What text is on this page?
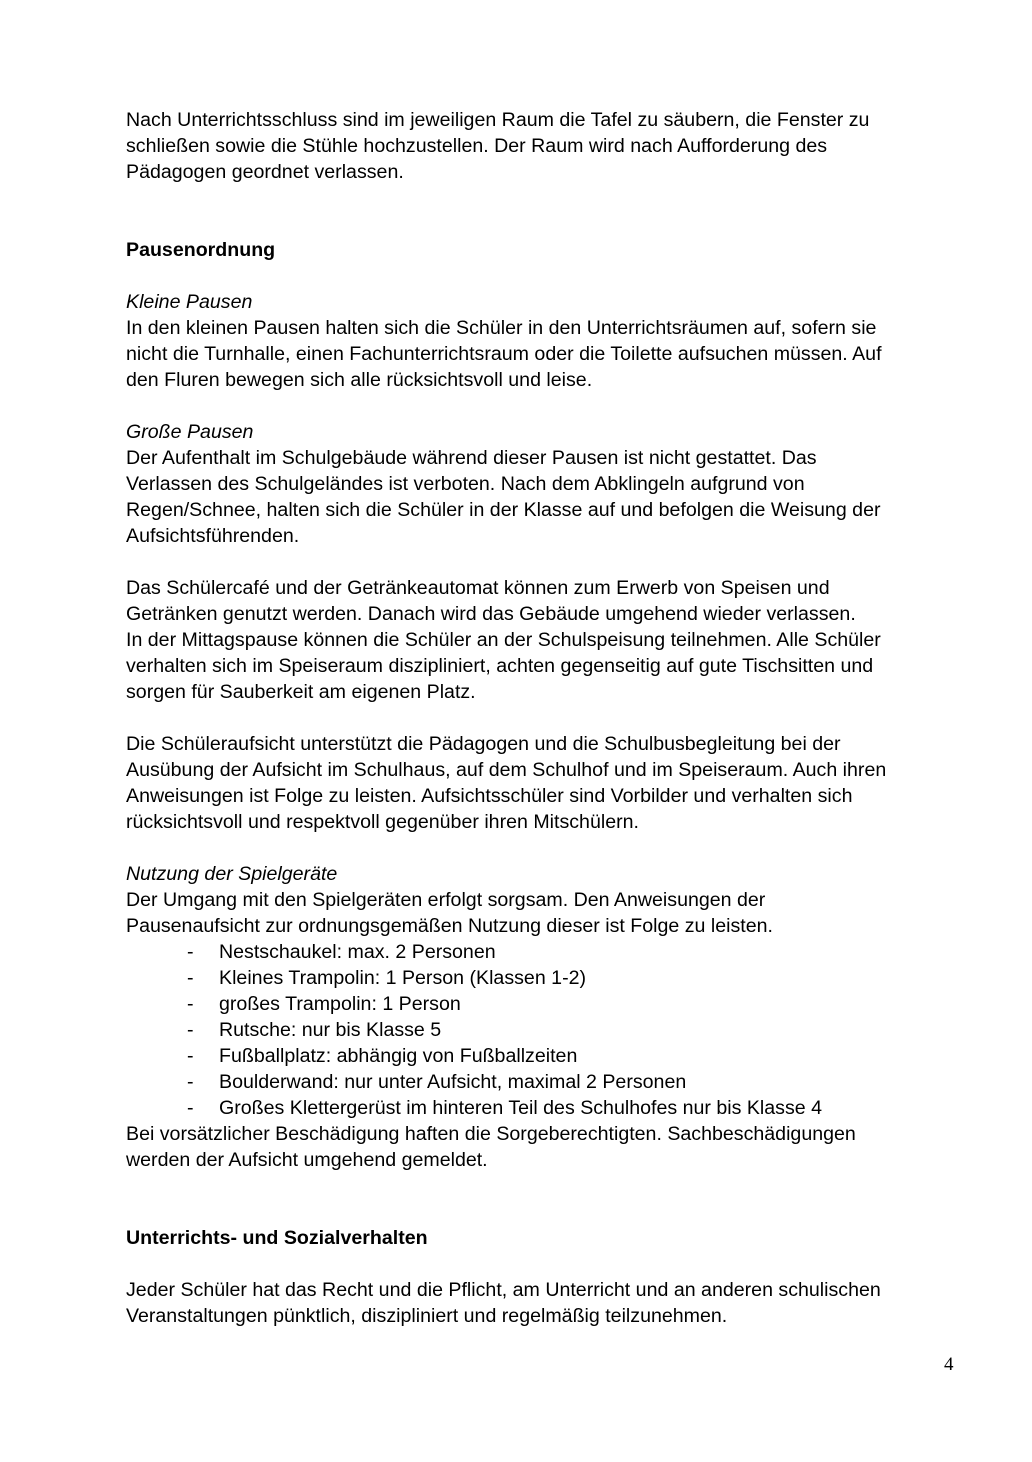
Nach Unterrichtsschluss sind im jeweiligen Raum die Tafel zu säubern, die Fenster zu
schließen sowie die Stühle hochzustellen. Der Raum wird nach Aufforderung des
Pädagogen geordnet verlassen.
Pausenordnung
Kleine Pausen
In den kleinen Pausen halten sich die Schüler in den Unterrichtsräumen auf, sofern sie
nicht die Turnhalle, einen Fachunterrichtsraum oder die Toilette aufsuchen müssen. Auf
den Fluren bewegen sich alle rücksichtsvoll und leise.
Große Pausen
Der Aufenthalt im Schulgebäude während dieser Pausen ist nicht gestattet. Das
Verlassen des Schulgeländes ist verboten. Nach dem Abklingeln aufgrund von
Regen/Schnee, halten sich die Schüler in der Klasse auf und befolgen die Weisung der
Aufsichtsführenden.
Das Schülercafé und der Getränkeautomat können zum Erwerb von Speisen und
Getränken genutzt werden. Danach wird das Gebäude umgehend wieder verlassen.
In der Mittagspause können die Schüler an der Schulspeisung teilnehmen. Alle Schüler
verhalten sich im Speiseraum diszipliniert, achten gegenseitig auf gute Tischsitten und
sorgen für Sauberkeit am eigenen Platz.
Die Schüleraufsicht unterstützt die Pädagogen und die Schulbusbegleitung bei der
Ausübung der Aufsicht im Schulhaus, auf dem Schulhof und im Speiseraum. Auch ihren
Anweisungen ist Folge zu leisten. Aufsichtsschüler sind Vorbilder und verhalten sich
rücksichtsvoll und respektvoll gegenüber ihren Mitschülern.
Nutzung der Spielgeräte
Der Umgang mit den Spielgeräten erfolgt sorgsam. Den Anweisungen der
Pausenaufsicht zur ordnungsgemäßen Nutzung dieser ist Folge zu leisten.
- Nestschaukel: max. 2 Personen
- Kleines Trampolin: 1 Person (Klassen 1-2)
- großes Trampolin: 1 Person
- Rutsche: nur bis Klasse 5
- Fußballplatz: abhängig von Fußballzeiten
- Boulderwand: nur unter Aufsicht, maximal 2 Personen
- Großes Klettergerüst im hinteren Teil des Schulhofes nur bis Klasse 4
Bei vorsätzlicher Beschädigung haften die Sorgeberechtigten. Sachbeschädigungen
werden der Aufsicht umgehend gemeldet.
Unterrichts- und Sozialverhalten
Jeder Schüler hat das Recht und die Pflicht, am Unterricht und an anderen schulischen
Veranstaltungen pünktlich, diszipliniert und regelmäßig teilzunehmen.
4
